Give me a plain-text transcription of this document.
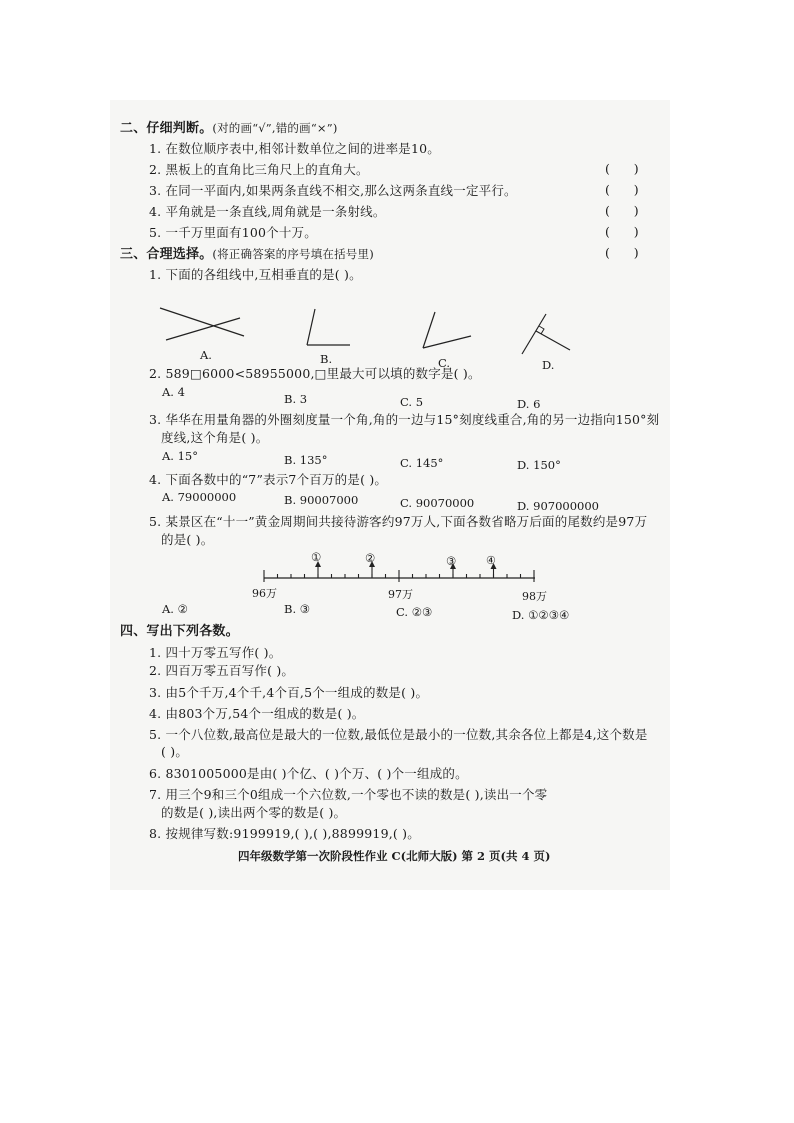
二、仔细判断。(对的画“√”,错的画“×”)
1. 在数位顺序表中,相邻计数单位之间的进率是10。
(      )
2. 黑板上的直角比三角尺上的直角大。
(      )
3. 在同一平面内,如果两条直线不相交,那么这两条直线一定平行。
(      )
4. 平角就是一条直线,周角就是一条射线。
(      )
5. 一千万里面有100个十万。
(      )
三、合理选择。(将正确答案的序号填在括号里)
1. 下面的各组线中,互相垂直的是( )。
A.	B.	C.	D.
2. 589□6000<58955000,□里最大可以填的数字是( )。
A. 4	B. 3	C. 5	D. 6
3. 华华在用量角器的外圈刻度量一个角,角的一边与15°刻度线重合,角的另一边指向150°刻
度线,这个角是( )。
A. 15°	B. 135°	C. 145°	D. 150°
4. 下面各数中的“7”表示7个百万的是( )。
A. 79000000	B. 90007000	C. 90070000	D. 907000000
5. 某景区在“十一”黄金周期间共接待游客约97万人,下面各数省略万后面的尾数约是97万
的是( )。
①	②	③	④
96万	97万	98万
A. ②	B. ③	C. ②③	D. ①②③④
四、写出下列各数。
1. 四十万零五写作( )。
2. 四百万零五百写作( )。
3. 由5个千万,4个千,4个百,5个一组成的数是( )。
4. 由803个万,54个一组成的数是( )。
5. 一个八位数,最高位是最大的一位数,最低位是最小的一位数,其余各位上都是4,这个数是
( )。
6. 8301005000是由( )个亿、( )个万、( )个一组成的。
7. 用三个9和三个0组成一个六位数,一个零也不读的数是( ),读出一个零
的数是( ),读出两个零的数是( )。
8. 按规律写数:9199919,( ),( ),8899919,( )。
四年级数学第一次阶段性作业 C(北师大版) 第 2 页(共 4 页)
